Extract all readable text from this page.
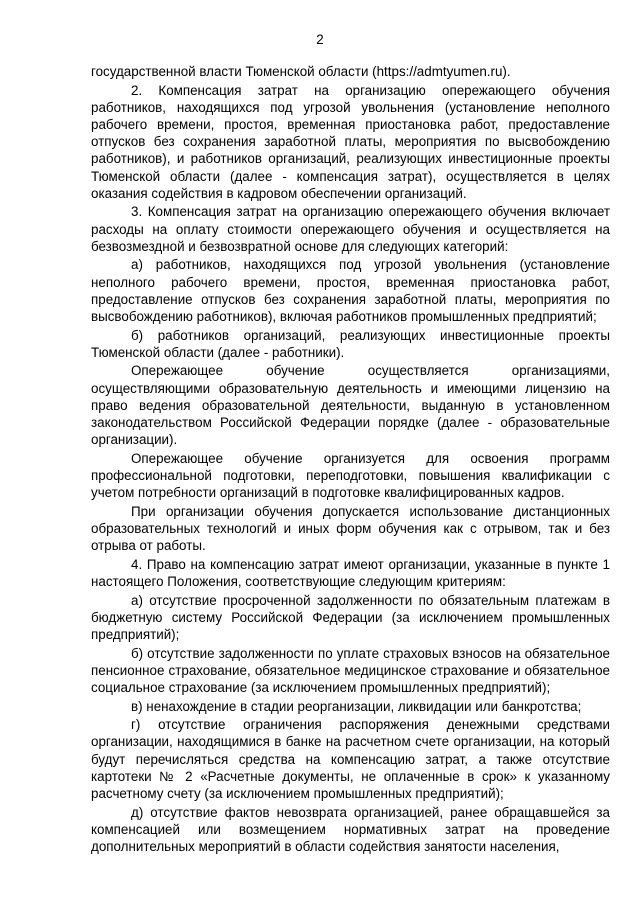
2

государственной власти Тюменской области (https://admtyumen.ru).

2. Компенсация затрат на организацию опережающего обучения работников, находящихся под угрозой увольнения (установление неполного рабочего времени, простоя, временная приостановка работ, предоставление отпусков без сохранения заработной платы, мероприятия по высвобождению работников), и работников организаций, реализующих инвестиционные проекты Тюменской области (далее - компенсация затрат), осуществляется в целях оказания содействия в кадровом обеспечении организаций.

3. Компенсация затрат на организацию опережающего обучения включает расходы на оплату стоимости опережающего обучения и осуществляется на безвозмездной и безвозвратной основе для следующих категорий:

а) работников, находящихся под угрозой увольнения (установление неполного рабочего времени, простоя, временная приостановка работ, предоставление отпусков без сохранения заработной платы, мероприятия по высвобождению работников), включая работников промышленных предприятий;

б) работников организаций, реализующих инвестиционные проекты Тюменской области (далее - работники).

Опережающее обучение осуществляется организациями, осуществляющими образовательную деятельность и имеющими лицензию на право ведения образовательной деятельности, выданную в установленном законодательством Российской Федерации порядке (далее - образовательные организации).

Опережающее обучение организуется для освоения программ профессиональной подготовки, переподготовки, повышения квалификации с учетом потребности организаций в подготовке квалифицированных кадров.

При организации обучения допускается использование дистанционных образовательных технологий и иных форм обучения как с отрывом, так и без отрыва от работы.

4. Право на компенсацию затрат имеют организации, указанные в пункте 1 настоящего Положения, соответствующие следующим критериям:

а) отсутствие просроченной задолженности по обязательным платежам в бюджетную систему Российской Федерации (за исключением промышленных предприятий);

б) отсутствие задолженности по уплате страховых взносов на обязательное пенсионное страхование, обязательное медицинское страхование и обязательное социальное страхование (за исключением промышленных предприятий);

в) ненахождение в стадии реорганизации, ликвидации или банкротства;

г) отсутствие ограничения распоряжения денежными средствами организации, находящимися в банке на расчетном счете организации, на который будут перечисляться средства на компенсацию затрат, а также отсутствие картотеки № 2 «Расчетные документы, не оплаченные в срок» к указанному расчетному счету (за исключением промышленных предприятий);

д) отсутствие фактов невозврата организацией, ранее обращавшейся за компенсацией или возмещением нормативных затрат на проведение дополнительных мероприятий в области содействия занятости населения,
